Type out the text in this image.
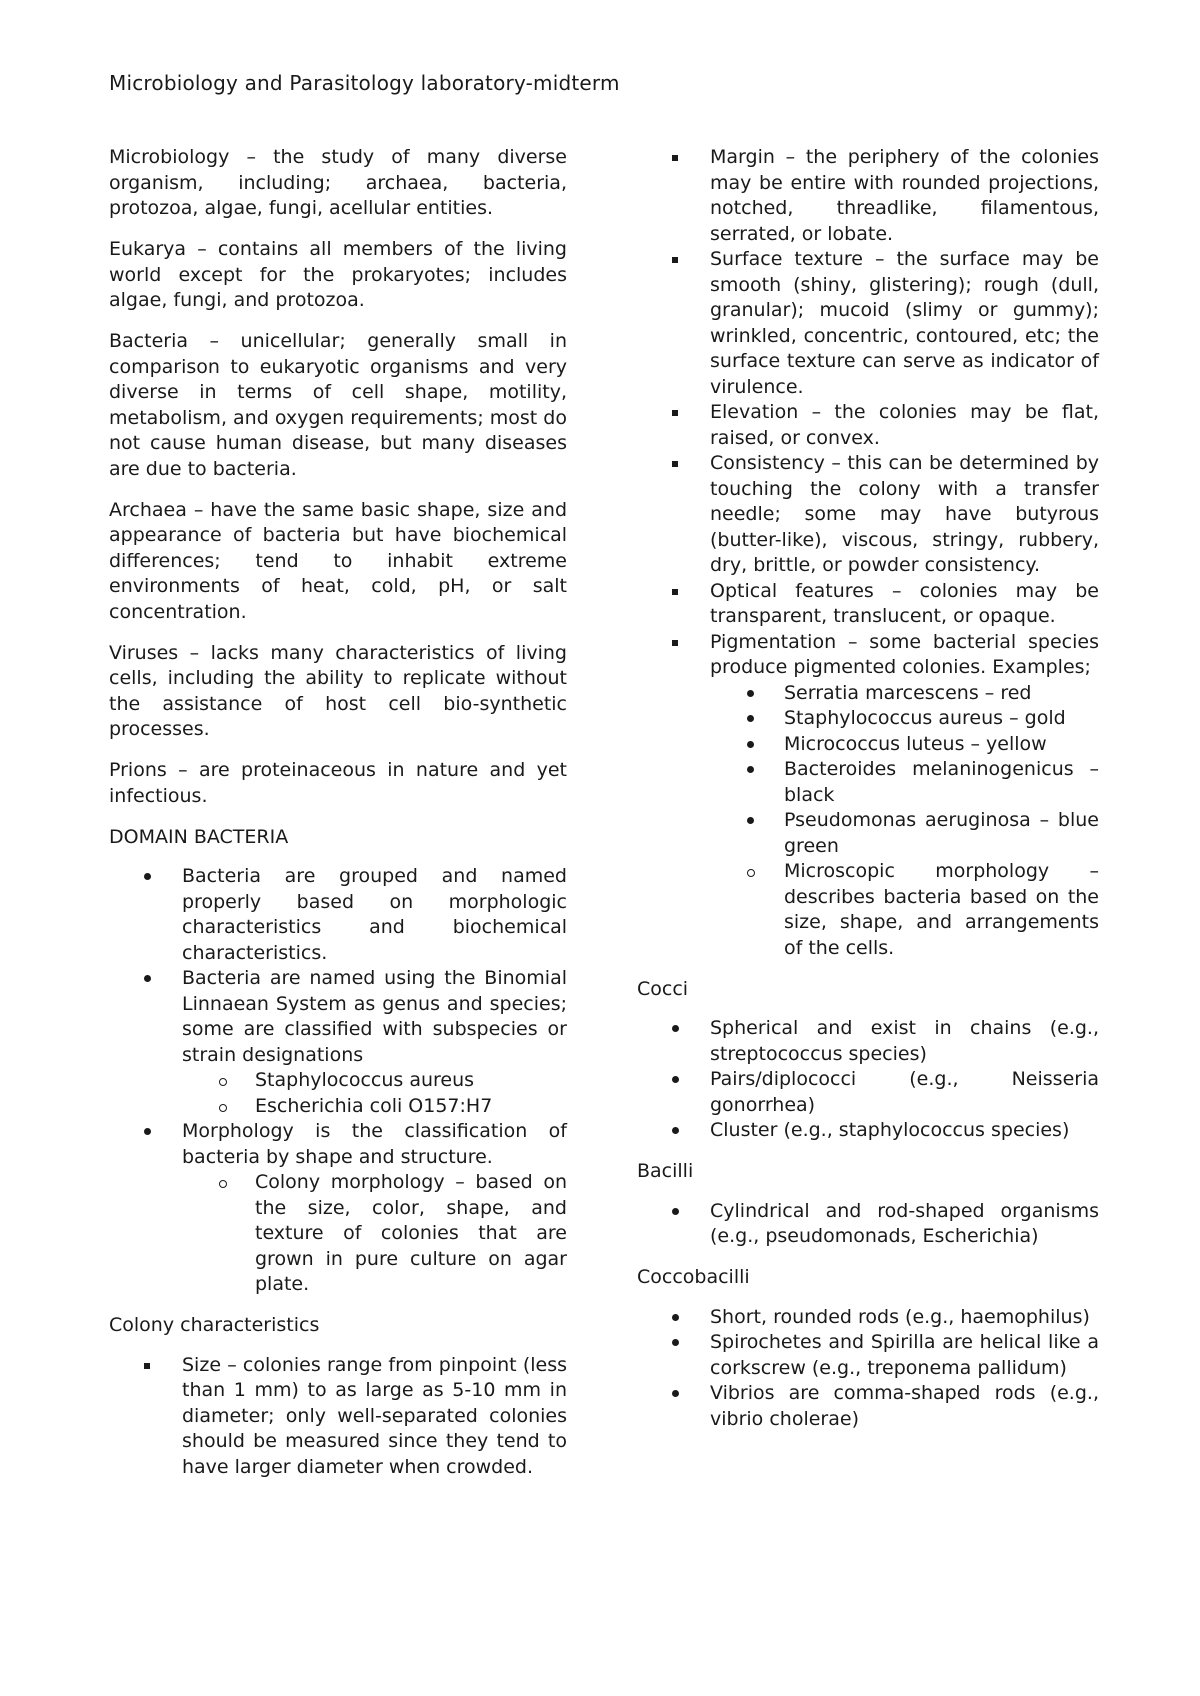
Microbiology and Parasitology laboratory-midterm

Microbiology – the study of many diverse organism, including; archaea, bacteria, protozoa, algae, fungi, acellular entities.

Eukarya – contains all members of the living world except for the prokaryotes; includes algae, fungi, and protozoa.

Bacteria – unicellular; generally small in comparison to eukaryotic organisms and very diverse in terms of cell shape, motility, metabolism, and oxygen requirements; most do not cause human disease, but many diseases are due to bacteria.

Archaea – have the same basic shape, size and appearance of bacteria but have biochemical differences; tend to inhabit extreme environments of heat, cold, pH, or salt concentration.

Viruses – lacks many characteristics of living cells, including the ability to replicate without the assistance of host cell bio-synthetic processes.

Prions – are proteinaceous in nature and yet infectious.

DOMAIN BACTERIA

Bacteria are grouped and named properly based on morphologic characteristics and biochemical characteristics.
Bacteria are named using the Binomial Linnaean System as genus and species; some are classified with subspecies or strain designations
Staphylococcus aureus
Escherichia coli O157:H7
Morphology is the classification of bacteria by shape and structure.
Colony morphology – based on the size, color, shape, and texture of colonies that are grown in pure culture on agar plate.

Colony characteristics

Size – colonies range from pinpoint (less than 1 mm) to as large as 5-10 mm in diameter; only well-separated colonies should be measured since they tend to have larger diameter when crowded.
Margin – the periphery of the colonies may be entire with rounded projections, notched, threadlike, filamentous, serrated, or lobate.
Surface texture – the surface may be smooth (shiny, glistering); rough (dull, granular); mucoid (slimy or gummy); wrinkled, concentric, contoured, etc; the surface texture can serve as indicator of virulence.
Elevation – the colonies may be flat, raised, or convex.
Consistency – this can be determined by touching the colony with a transfer needle; some may have butyrous (butter-like), viscous, stringy, rubbery, dry, brittle, or powder consistency.
Optical features – colonies may be transparent, translucent, or opaque.
Pigmentation – some bacterial species produce pigmented colonies. Examples;
Serratia marcescens – red
Staphylococcus aureus – gold
Micrococcus luteus – yellow
Bacteroides melaninogenicus – black
Pseudomonas aeruginosa – blue green
Microscopic morphology – describes bacteria based on the size, shape, and arrangements of the cells.

Cocci

Spherical and exist in chains (e.g., streptococcus species)
Pairs/diplococci (e.g., Neisseria gonorrhea)
Cluster (e.g., staphylococcus species)

Bacilli

Cylindrical and rod-shaped organisms (e.g., pseudomonads, Escherichia)

Coccobacilli

Short, rounded rods (e.g., haemophilus)
Spirochetes and Spirilla are helical like a corkscrew (e.g., treponema pallidum)
Vibrios are comma-shaped rods (e.g., vibrio cholerae)
